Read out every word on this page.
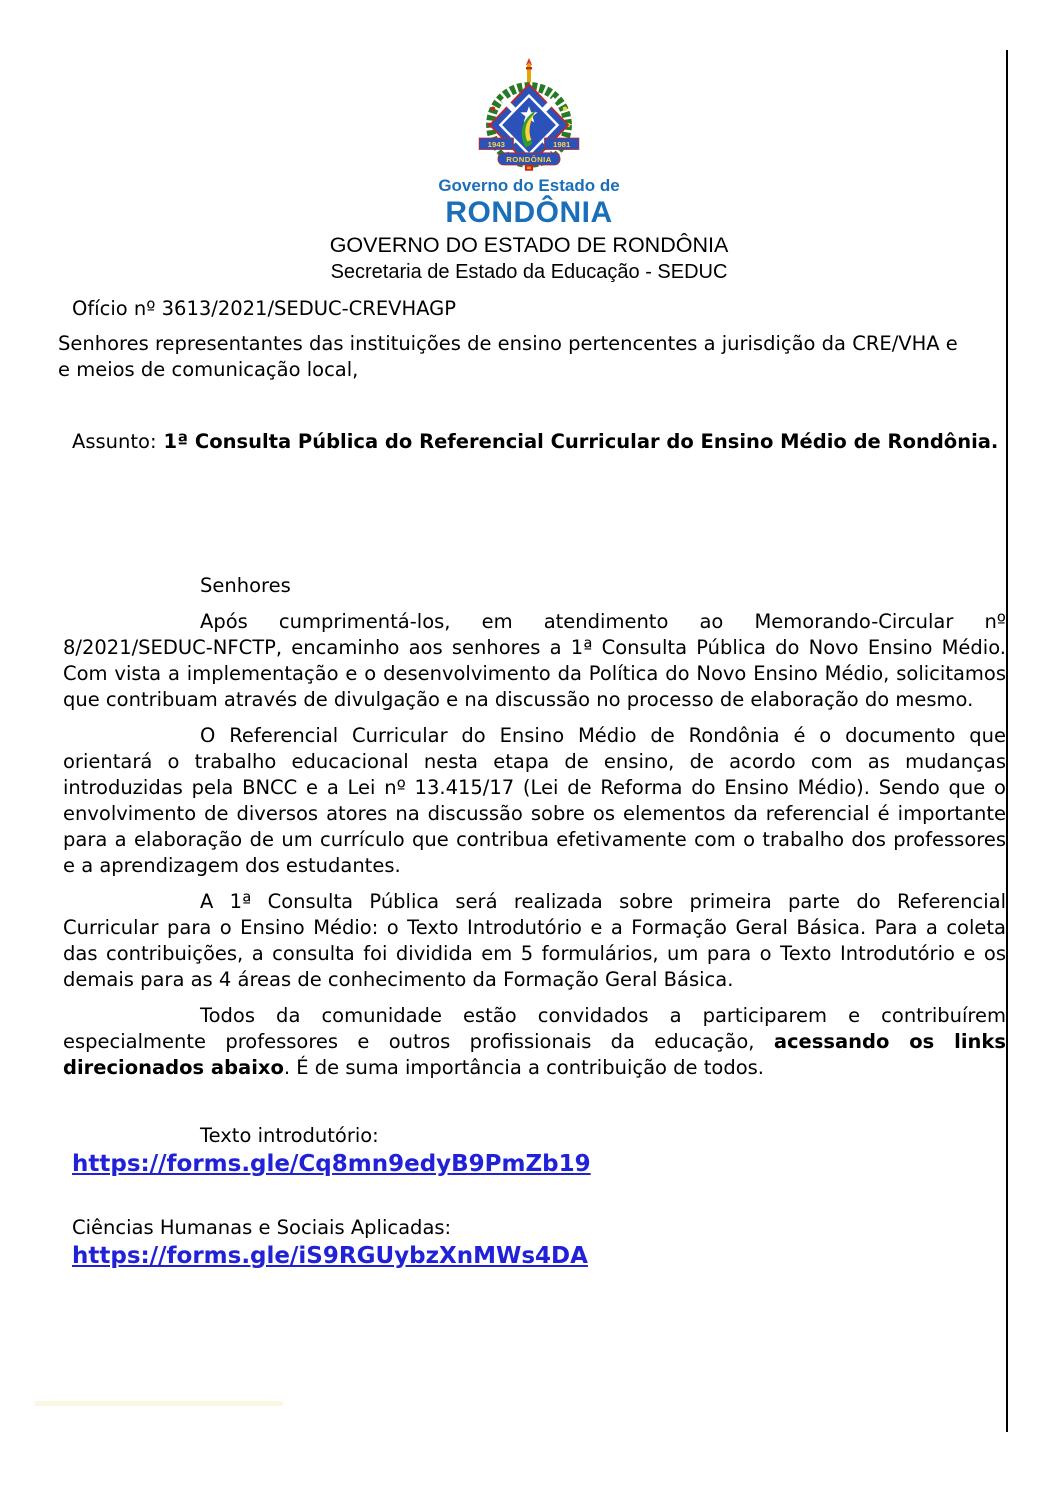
1943	1981
RONDÔNIA
Governo do Estado de
RONDÔNIA
GOVERNO DO ESTADO DE RONDÔNIA
Secretaria de Estado da Educação - SEDUC

Ofício nº 3613/2021/SEDUC-CREVHAGP

Senhores representantes das instituições de ensino pertencentes a jurisdição da CRE/VHA e
e meios de comunicação local,

Assunto: 1ª Consulta Pública do Referencial Curricular do Ensino Médio de Rondônia.

Senhores

Após cumprimentá-los, em atendimento ao Memorando-Circular nº 8/2021/SEDUC-NFCTP, encaminho aos senhores a 1ª Consulta Pública do Novo Ensino Médio. Com vista a implementação e o desenvolvimento da Política do Novo Ensino Médio, solicitamos que contribuam através de divulgação e na discussão no processo de elaboração do mesmo.

O Referencial Curricular do Ensino Médio de Rondônia é o documento que orientará o trabalho educacional nesta etapa de ensino, de acordo com as mudanças introduzidas pela BNCC e a Lei nº 13.415/17 (Lei de Reforma do Ensino Médio). Sendo que o envolvimento de diversos atores na discussão sobre os elementos da referencial é importante para a elaboração de um currículo que contribua efetivamente com o trabalho dos professores e a aprendizagem dos estudantes.

A 1ª Consulta Pública será realizada sobre primeira parte do Referencial Curricular para o Ensino Médio: o Texto Introdutório e a Formação Geral Básica. Para a coleta das contribuições, a consulta foi dividida em 5 formulários, um para o Texto Introdutório e os demais para as 4 áreas de conhecimento da Formação Geral Básica.

Todos da comunidade estão convidados a participarem e contribuírem especialmente professores e outros profissionais da educação, acessando os links direcionados abaixo. É de suma importância a contribuição de todos.

Texto introdutório:

https://forms.gle/Cq8mn9edyB9PmZb19

Ciências Humanas e Sociais Aplicadas:

https://forms.gle/iS9RGUybzXnMWs4DA
